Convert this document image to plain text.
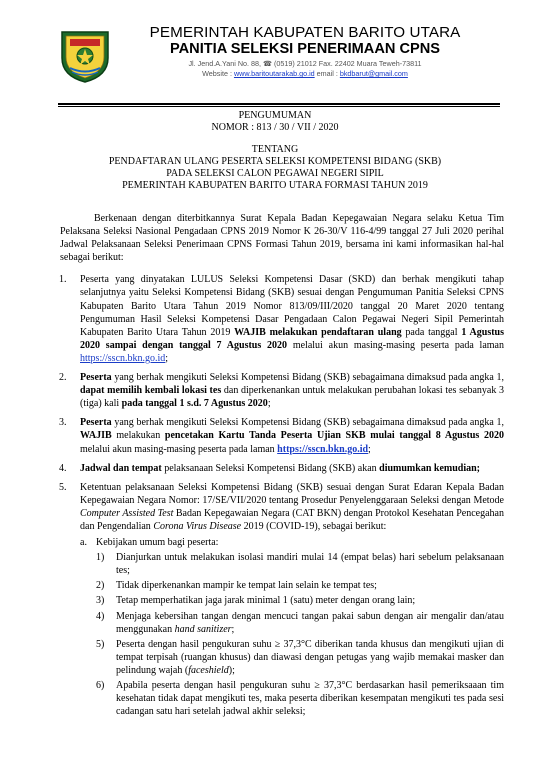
PEMERINTAH KABUPATEN BARITO UTARA
PANITIA SELEKSI PENERIMAAN CPNS
Jl. Jend.A.Yani No. 88, ☎ (0519) 21012 Fax. 22402 Muara Teweh-73811
Website : www.baritoutarakab.go.id email : bkdbarut@gmail.com
PENGUMUMAN
NOMOR : 813 / 30 / VII / 2020
TENTANG
PENDAFTARAN ULANG PESERTA SELEKSI KOMPETENSI BIDANG (SKB)
PADA SELEKSI CALON PEGAWAI NEGERI SIPIL
PEMERINTAH KABUPATEN BARITO UTARA FORMASI TAHUN 2019

Berkenaan dengan diterbitkannya Surat Kepala Badan Kepegawaian Negara selaku Ketua Tim Pelaksana Seleksi Nasional Pengadaan CPNS 2019 Nomor K 26-30/V 116-4/99 tanggal 27 Juli 2020 perihal Jadwal Pelaksanaan Seleksi Penerimaan CPNS Formasi Tahun 2019, bersama ini kami informasikan hal-hal sebagai berikut:

1. Peserta yang dinyatakan LULUS Seleksi Kompetensi Dasar (SKD) dan berhak mengikuti tahap selanjutnya yaitu Seleksi Kompetensi Bidang (SKB) sesuai dengan Pengumuman Panitia Seleksi CPNS Kabupaten Barito Utara Tahun 2019 Nomor 813/09/III/2020 tanggal 20 Maret 2020 tentang Pengumuman Hasil Seleksi Kompetensi Dasar Pengadaan Calon Pegawai Negeri Sipil Pemerintah Kabupaten Barito Utara Tahun 2019 WAJIB melakukan pendaftaran ulang pada tanggal 1 Agustus 2020 sampai dengan tanggal 7 Agustus 2020 melalui akun masing-masing peserta pada laman https://sscn.bkn.go.id;
2. Peserta yang berhak mengikuti Seleksi Kompetensi Bidang (SKB) sebagaimana dimaksud pada angka 1, dapat memilih kembali lokasi tes dan diperkenankan untuk melakukan perubahan lokasi tes sebanyak 3 (tiga) kali pada tanggal 1 s.d. 7 Agustus 2020;
3. Peserta yang berhak mengikuti Seleksi Kompetensi Bidang (SKB) sebagaimana dimaksud pada angka 1, WAJIB melakukan pencetakan Kartu Tanda Peserta Ujian SKB mulai tanggal 8 Agustus 2020 melalui akun masing-masing peserta pada laman https://sscn.bkn.go.id;
4. Jadwal dan tempat pelaksanaan Seleksi Kompetensi Bidang (SKB) akan diumumkan kemudian;
5. Ketentuan pelaksanaan Seleksi Kompetensi Bidang (SKB) sesuai dengan Surat Edaran Kepala Badan Kepegawaian Negara Nomor: 17/SE/VII/2020 tentang Prosedur Penyelenggaraan Seleksi dengan Metode Computer Assisted Test Badan Kepegawaian Negara (CAT BKN) dengan Protokol Kesehatan Pencegahan dan Pengendalian Corona Virus Disease 2019 (COVID-19), sebagai berikut:
a. Kebijakan umum bagi peserta:
1) Dianjurkan untuk melakukan isolasi mandiri mulai 14 (empat belas) hari sebelum pelaksanaan tes;
2) Tidak diperkenankan mampir ke tempat lain selain ke tempat tes;
3) Tetap memperhatikan jaga jarak minimal 1 (satu) meter dengan orang lain;
4) Menjaga kebersihan tangan dengan mencuci tangan pakai sabun dengan air mengalir dan/atau menggunakan hand sanitizer;
5) Peserta dengan hasil pengukuran suhu ≥ 37,3°C diberikan tanda khusus dan mengikuti ujian di tempat terpisah (ruangan khusus) dan diawasi dengan petugas yang wajib memakai masker dan pelindung wajah (faceshield);
6) Apabila peserta dengan hasil pengukuran suhu ≥ 37,3°C berdasarkan hasil pemeriksaaan tim kesehatan tidak dapat mengikuti tes, maka peserta diberikan kesempatan mengikuti tes pada sesi cadangan satu hari setelah jadwal akhir seleksi;
